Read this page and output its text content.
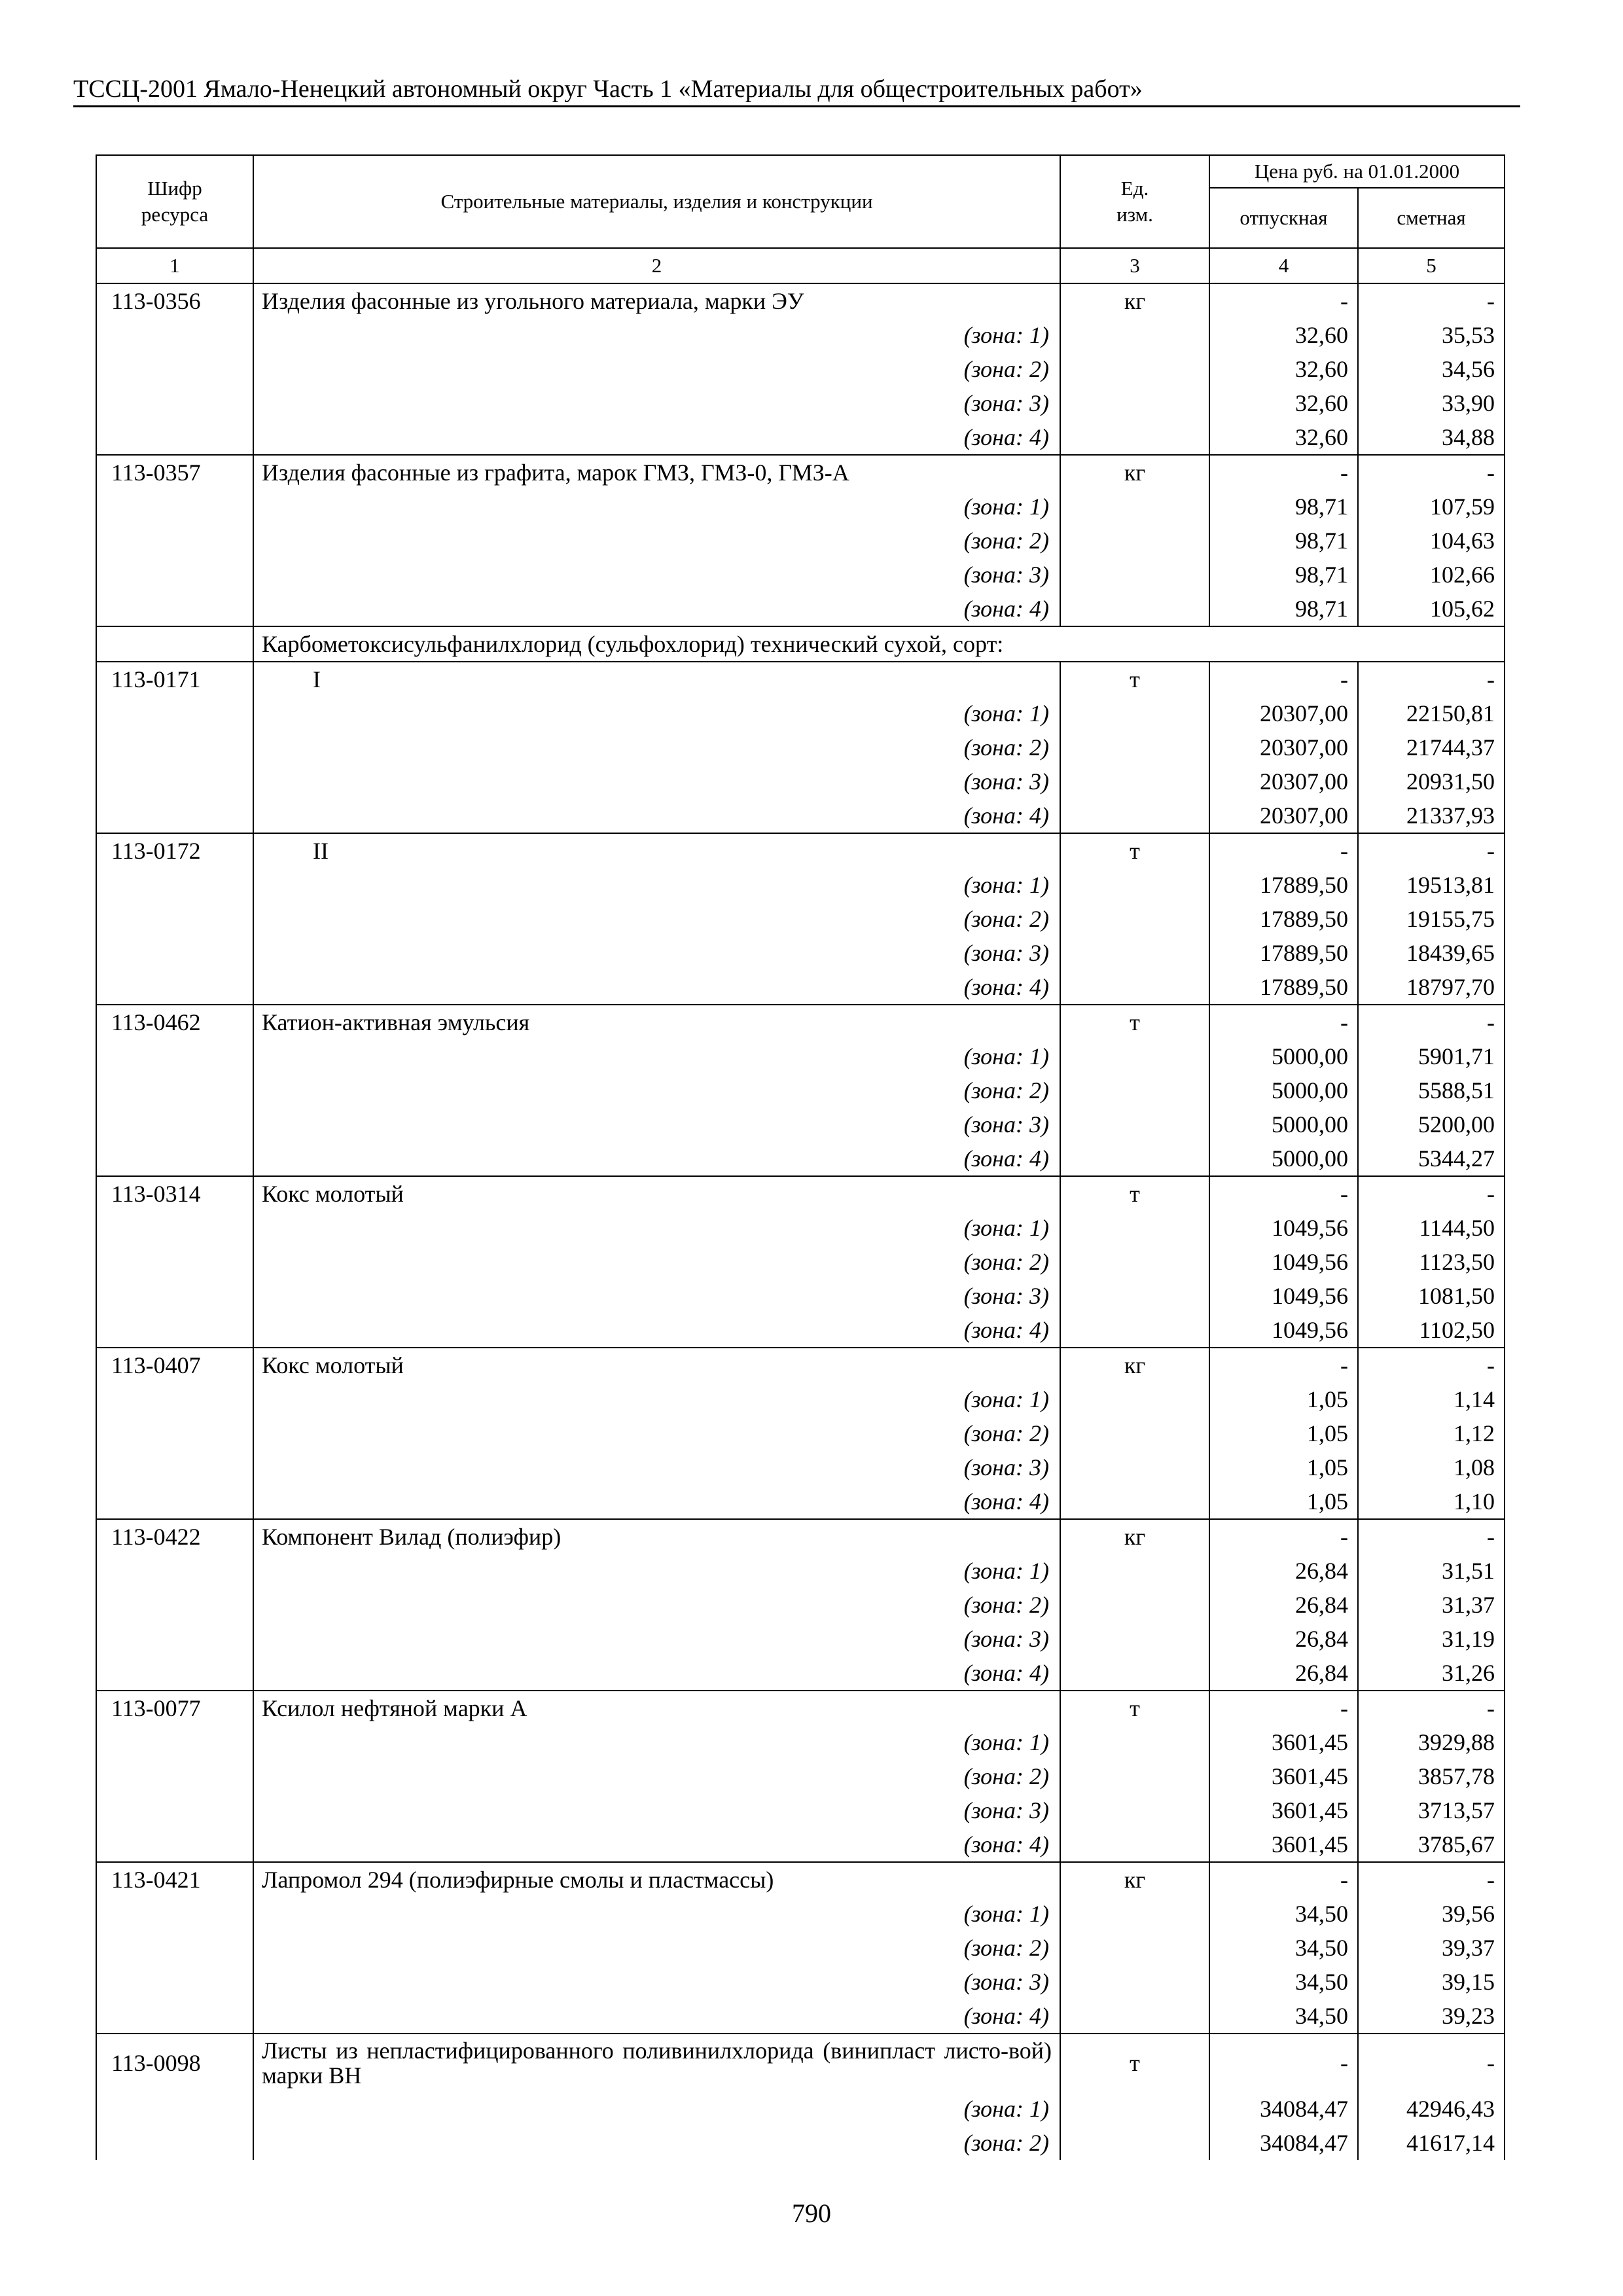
ТССЦ-2001 Ямало-Ненецкий автономный округ Часть 1 «Материалы для общестроительных работ»
Шифр ресурса	Строительные материалы, изделия и конструкции	Ед. изм.	Цена руб. на 01.01.2000	
			отпускная	сметная
1	2	3	4	5
113-0356	Изделия фасонные из угольного материала, марки ЭУ	кг	-	-
	(зона: 1)		32,60	35,53
	(зона: 2)		32,60	34,56
	(зона: 3)		32,60	33,90
	(зона: 4)		32,60	34,88
113-0357	Изделия фасонные из графита, марок ГМЗ, ГМЗ-0, ГМЗ-А	кг	-	-
	(зона: 1)		98,71	107,59
	(зона: 2)		98,71	104,63
	(зона: 3)		98,71	102,66
	(зона: 4)		98,71	105,62
	Карбометоксисульфанилхлорид (сульфохлорид) технический сухой, сорт:			
113-0171	I	т	-	-
	(зона: 1)		20307,00	22150,81
	(зона: 2)		20307,00	21744,37
	(зона: 3)		20307,00	20931,50
	(зона: 4)		20307,00	21337,93
113-0172	II	т	-	-
	(зона: 1)		17889,50	19513,81
	(зона: 2)		17889,50	19155,75
	(зона: 3)		17889,50	18439,65
	(зона: 4)		17889,50	18797,70
113-0462	Катион-активная эмульсия	т	-	-
	(зона: 1)		5000,00	5901,71
	(зона: 2)		5000,00	5588,51
	(зона: 3)		5000,00	5200,00
	(зона: 4)		5000,00	5344,27
113-0314	Кокс молотый	т	-	-
	(зона: 1)		1049,56	1144,50
	(зона: 2)		1049,56	1123,50
	(зона: 3)		1049,56	1081,50
	(зона: 4)		1049,56	1102,50
113-0407	Кокс молотый	кг	-	-
	(зона: 1)		1,05	1,14
	(зона: 2)		1,05	1,12
	(зона: 3)		1,05	1,08
	(зона: 4)		1,05	1,10
113-0422	Компонент Вилад (полиэфир)	кг	-	-
	(зона: 1)		26,84	31,51
	(зона: 2)		26,84	31,37
	(зона: 3)		26,84	31,19
	(зона: 4)		26,84	31,26
113-0077	Ксилол нефтяной марки А	т	-	-
	(зона: 1)		3601,45	3929,88
	(зона: 2)		3601,45	3857,78
	(зона: 3)		3601,45	3713,57
	(зона: 4)		3601,45	3785,67
113-0421	Лапромол 294 (полиэфирные смолы и пластмассы)	кг	-	-
	(зона: 1)		34,50	39,56
	(зона: 2)		34,50	39,37
	(зона: 3)		34,50	39,15
	(зона: 4)		34,50	39,23
113-0098	Листы из непластифицированного поливинилхлорида (винипласт листо-вой) марки ВН	т	-	-
	(зона: 1)		34084,47	42946,43
	(зона: 2)		34084,47	41617,14
790
